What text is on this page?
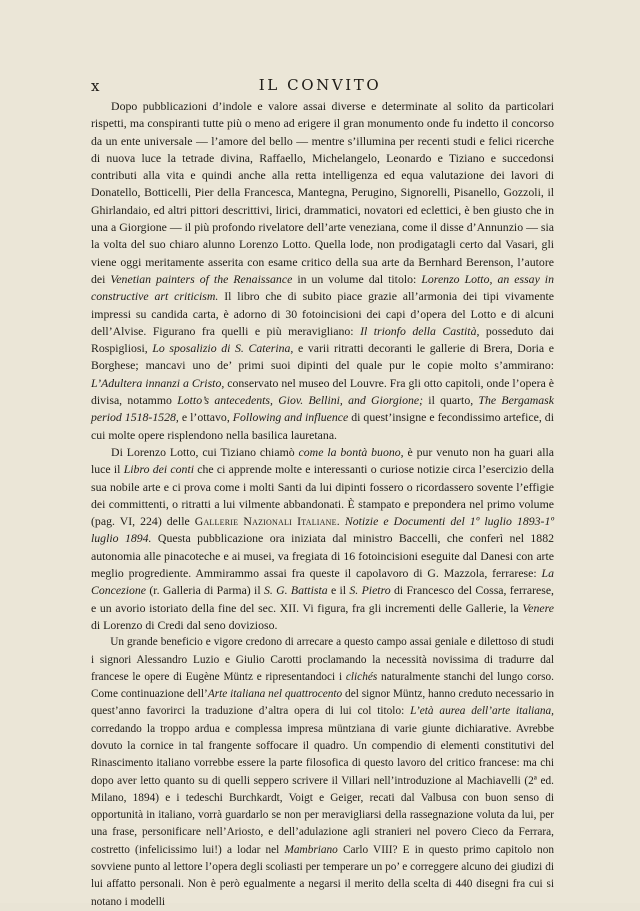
x	IL CONVITO

Dopo pubblicazioni d’indole e valore assai diverse e determinate al solito da particolari rispetti, ma conspiranti tutte più o meno ad erigere il gran monumento onde fu indetto il concorso da un ente universale — l’amore del bello — mentre s’illumina per recenti studi e felici ricerche di nuova luce la tetrade divina, Raffaello, Michelangelo, Leonardo e Tiziano e succedonsi contributi alla vita e quindi anche alla retta intelligenza ed equa valutazione dei lavori di Donatello, Botticelli, Pier della Francesca, Mantegna, Perugino, Signorelli, Pisanello, Gozzoli, il Ghirlandaio, ed altri pittori descrittivi, lirici, drammatici, novatori ed eclettici, è ben giusto che in una a Giorgione — il più profondo rivelatore dell’arte veneziana, come il disse d’Annunzio — sia la volta del suo chiaro alunno Lorenzo Lotto. Quella lode, non prodigatagli certo dal Vasari, gli viene oggi meritamente asserita con esame critico della sua arte da Bernhard Berenson, l’autore dei Venetian painters of the Renaissance in un volume dal titolo: Lorenzo Lotto, an essay in constructive art criticism. Il libro che di subito piace grazie all’armonia dei tipi vivamente impressi su candida carta, è adorno di 30 fotoincisioni dei capi d’opera del Lotto e di alcuni dell’Alvise. Figurano fra quelli e più meravigliano: Il trionfo della Castità, posseduto dai Rospigliosi, Lo sposalizio di S. Caterina, e varii ritratti decoranti le gallerie di Brera, Doria e Borghese; mancavi uno de’ primi suoi dipinti del quale pur le copie molto s’ammirano: L’Adultera innanzi a Cristo, conservato nel museo del Louvre. Fra gli otto capitoli, onde l’opera è divisa, notammo Lotto’s antecedents, Giov. Bellini, and Giorgione; il quarto, The Bergamask period 1518-1528, e l’ottavo, Following and influence di quest’insigne e fecondissimo artefice, di cui molte opere risplendono nella basilica lauretana.

Di Lorenzo Lotto, cui Tiziano chiamò come la bontà buono, è pur venuto non ha guari alla luce il Libro dei conti che ci apprende molte e interessanti o curiose notizie circa l’esercizio della sua nobile arte e ci prova come i molti Santi da lui dipinti fossero o ricordassero sovente l’effigie dei committenti, o ritratti a lui vilmente abbandonati. È stampato e prepondera nel primo volume (pag. VI, 224) delle Gallerie Nazionali Italiane. Notizie e Documenti del 1º luglio 1893-1º luglio 1894. Questa pubblicazione ora iniziata dal ministro Baccelli, che conferì nel 1882 autonomia alle pinacoteche e ai musei, va fregiata di 16 fotoincisioni eseguite dal Danesi con arte meglio progrediente. Ammirammo assai fra queste il capolavoro di G. Mazzola, ferrarese: La Concezione (r. Galleria di Parma) il S. G. Battista e il S. Pietro di Francesco del Cossa, ferrarese, e un avorio istoriato della fine del sec. XII. Vi figura, fra gli incrementi delle Gallerie, la Venere di Lorenzo di Credi dal seno dovizioso.

Un grande beneficio e vigore credono di arrecare a questo campo assai geniale e dilettoso di studi i signori Alessandro Luzio e Giulio Carotti proclamando la necessità novissima di tradurre dal francese le opere di Eugène Müntz e ripresentandoci i clichés naturalmente stanchi del lungo corso. Come continuazione dell’Arte italiana nel quattrocento del signor Müntz, hanno creduto necessario in quest’anno favorirci la traduzione d’altra opera di lui col titolo: L’età aurea dell’arte italiana, corredando la troppo ardua e complessa impresa müntziana di varie giunte dichiarative. Avrebbe dovuto la cornice in tal frangente soffocare il quadro. Un compendio di elementi constitutivi del Rinascimento italiano vorrebbe essere la parte filosofica di questo lavoro del critico francese: ma chi dopo aver letto quanto su di quelli seppero scrivere il Villari nell’introduzione al Machiavelli (2ª ed. Milano, 1894) e i tedeschi Burchkardt, Voigt e Geiger, recati dal Valbusa con buon senso di opportunità in italiano, vorrà guardarlo se non per meravigliarsi della rassegnazione voluta da lui, per una frase, personificare nell’Ariosto, e dell’adulazione agli stranieri nel povero Cieco da Ferrara, costretto (infelicissimo lui!) a lodar nel Mambriano Carlo VIII? E in questo primo capitolo non sovviene punto al lettore l’opera degli scoliasti per temperare un po’ e correggere alcuno dei giudizi di lui affatto personali. Non è però egualmente a negarsi il merito della scelta di 440 disegni fra cui si notano i modelli
